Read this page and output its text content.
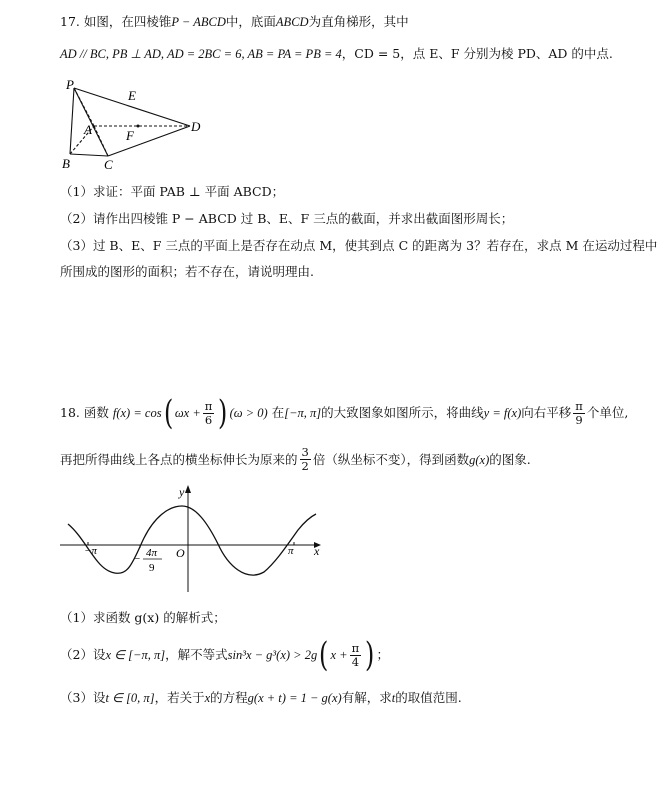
17. 如图，在四棱锥P − ABCD中，底面ABCD为直角梯形，其中
AD // BC, PB ⊥ AD, AD = 2BC = 6, AB = PA = PB = 4，CD = 5，点 E、F 分别为棱 PD、AD 的中点.
P
E
A	F
D
B	C
（1）求证：平面 PAB ⊥ 平面 ABCD；
（2）请作出四棱锥 P − ABCD 过 B、E、F 三点的截面，并求出截面图形周长；
（3）过 B、E、F 三点的平面上是否存在动点 M，使其到点 C 的距离为 3？若存在，求点 M 在运动过程中
所围成的图形的面积；若不存在，请说明理由.
18.
函数
f(x) = cos ( $\omega x + \frac{\pi}{6}$ ) (ω > 0)
在 [−π, π] 的大致图象如图所示，将曲线 y = f(x) 向右平移 $\frac{\pi}{9}$ 个单位,
再把所得曲线上各点的横坐标伸长为原来的 $\frac{3}{2}$ 倍（纵坐标不变），得到函数 g(x) 的图象.
y
x
−π	π
O
− 4π
9
（1）求函数 g(x) 的解析式；
（2）设 x ∈ [−π, π] ，解不等式 sin³x − g³(x) > 2g ( $x + \frac{\pi}{4}$ ) ；
（3）设t ∈ [0, π]，若关于x的方程g(x + t) = 1 − g(x)有解，求t的取值范围.
